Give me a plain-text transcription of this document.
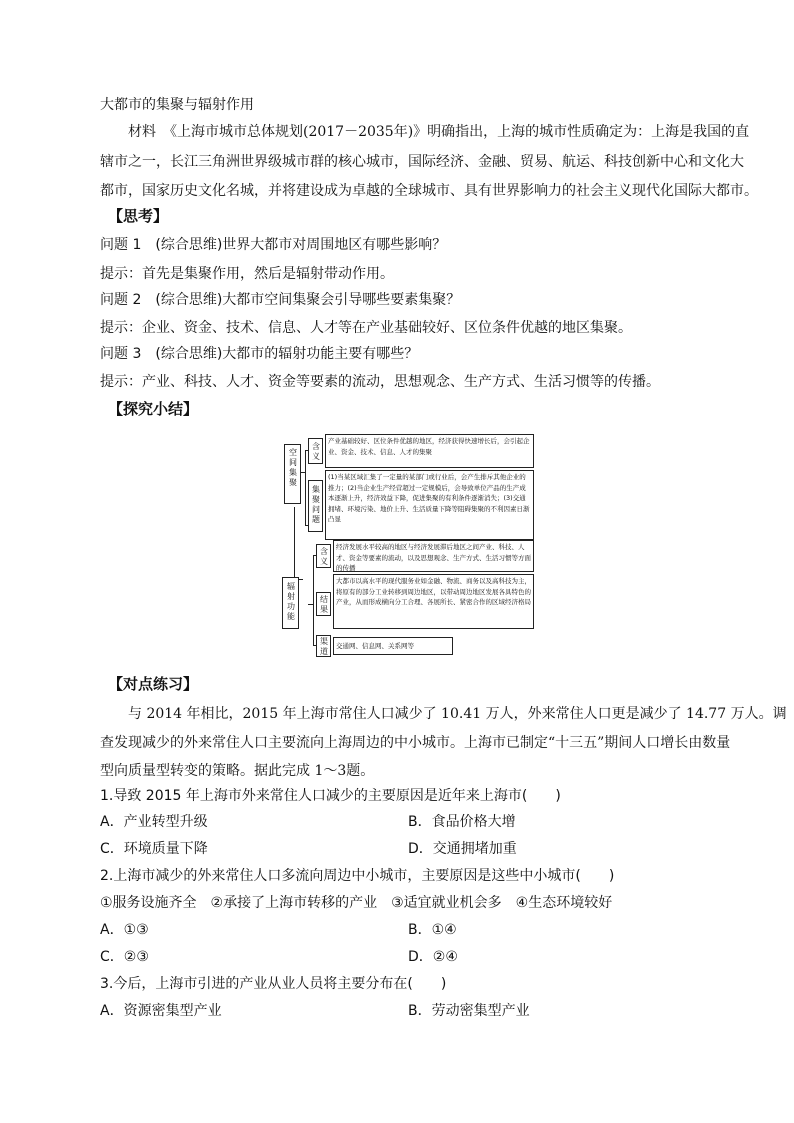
大都市的集聚与辐射作用
材料　《上海市城市总体规划(2017－2035年)》明确指出，上海的城市性质确定为：上海是我国的直
辖市之一，长江三角洲世界级城市群的核心城市，国际经济、金融、贸易、航运、科技创新中心和文化大
都市，国家历史文化名城，并将建设成为卓越的全球城市、具有世界影响力的社会主义现代化国际大都市。
【思考】
问题 1　(综合思维)世界大都市对周围地区有哪些影响？
提示：首先是集聚作用，然后是辐射带动作用。
问题 2　(综合思维)大都市空间集聚会引导哪些要素集聚？
提示：企业、资金、技术、信息、人才等在产业基础较好、区位条件优越的地区集聚。
问题 3　(综合思维)大都市的辐射功能主要有哪些？
提示：产业、科技、人才、资金等要素的流动，思想观念、生产方式、生活习惯等的传播。
【探究小结】
空间集聚
含义
产业基础较好、区位条件优越的地区，经济获得快速增长后，会引起企业、资金、技术、信息、人才的集聚
集聚问题
(1)当某区域汇集了一定量的某部门或行业后，会产生排斥其他企业的推力；(2)当企业生产经营超过一定规模后，会导致单位产品的生产成本逐渐上升，经济效益下降，促进集聚的有利条件逐渐消失；(3)交通拥堵、环境污染、地价上升、生活质量下降等阻碍集聚的不利因素日渐凸显
辐射功能
含义
经济发展水平较高的地区与经济发展滞后地区之间产业、科技、人才、资金等要素的流动，以及思想观念、生产方式、生活习惯等方面的传播
结果
大都市以高水平的现代服务业如金融、物流、商务以及高科技为主，将原有的部分工业转移到周边地区，以带动周边地区发展各具特色的产业，从而形成横向分工合理、各展所长、紧密合作的区域经济格局
渠道
交通网、信息网、关系网等
【对点练习】
与 2014 年相比，2015 年上海市常住人口减少了 10.41 万人，外来常住人口更是减少了 14.77 万人。调
查发现减少的外来常住人口主要流向上海周边的中小城市。上海市已制定“十三五”期间人口增长由数量
型向质量型转变的策略。据此完成 1～3题。
1.导致 2015 年上海市外来常住人口减少的主要原因是近年来上海市(　　)
A．产业转型升级	B．食品价格大增
C．环境质量下降	D．交通拥堵加重
2.上海市减少的外来常住人口多流向周边中小城市，主要原因是这些中小城市(　　)
①服务设施齐全　②承接了上海市转移的产业　③适宜就业机会多　④生态环境较好
A．①③	B．①④
C．②③	D．②④
3.今后，上海市引进的产业从业人员将主要分布在(　　)
A．资源密集型产业	B．劳动密集型产业
